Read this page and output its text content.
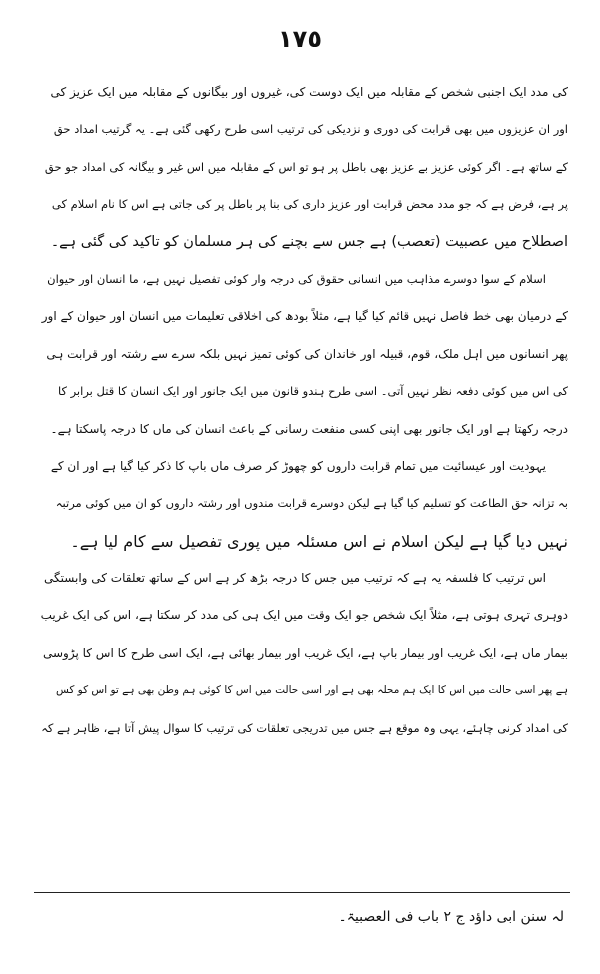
١٧٥
کی مدد ایک اجنبی شخص کے مقابلہ میں ایک دوست کی، غیروں اور بیگانوں کے مقابلہ میں ایک عزیز کی
اور ان عزیزوں میں بھی قرابت کی دوری و نزدیکی کی ترتیب اسی طرح رکھی گئی ہے۔ یہ گرتیب امداد حق
کے ساتھ ہے۔ اگر کوئی عزیز بے عزیز بھی باطل پر ہو تو اس کے مقابلہ میں اس غیر و بیگانہ کی امداد جو حق
پر ہے، فرض ہے کہ جو مدد محض قرابت اور عزیز داری کی بنا پر باطل پر کی جاتی ہے اس کا نام اسلام کی
اصطلاح میں عصبیت (تعصب) ہے جس سے بچنے کی ہر مسلمان کو تاکید کی گئی ہے۔
اسلام کے سوا دوسرے مذاہب میں انسانی حقوق کی درجہ وار کوئی تفصیل نہیں ہے، ما انسان اور حیوان
کے درمیان بھی خط فاصل نہیں قائم کیا گیا ہے، مثلاً بودھ کی اخلاقی تعلیمات میں انسان اور حیوان کے اور
پھر انسانوں میں اہل ملک، قوم، قبیلہ اور خاندان کی کوئی تمیز نہیں بلکہ سرے سے رشتہ اور قرابت ہی
کی اس میں کوئی دفعہ نظر نہیں آتی۔ اسی طرح ہندو قانون میں ایک جانور اور ایک انسان کا قتل برابر کا
درجہ رکھتا ہے اور ایک جانور بھی اپنی کسی منفعت رسانی کے باعث انسان کی ماں کا درجہ پاسکتا ہے۔
یہودیت اور عیسائیت میں تمام قرابت داروں کو چھوڑ کر صرف ماں باپ کا ذکر کیا گیا ہے اور ان کے
بہ تزانہ حق الطاعت کو تسلیم کیا گیا ہے لیکن دوسرے قرابت مندوں اور رشتہ داروں کو ان میں کوئی مرتبہ
نہیں دیا گیا ہے لیکن اسلام نے اس مسئلہ میں پوری تفصیل سے کام لیا ہے۔
اس ترتیب کا فلسفہ یہ ہے کہ ترتیب میں جس کا درجہ بڑھ کر ہے اس کے ساتھ تعلقات کی وابستگی
دوہری تہری ہوتی ہے، مثلاً ایک شخص جو ایک وقت میں ایک ہی کی مدد کر سکتا ہے، اس کی ایک غریب
بیمار ماں ہے، ایک غریب اور بیمار باپ ہے، ایک غریب اور بیمار بھائی ہے، ایک اسی طرح کا اس کا پڑوسی
ہے پھر اسی حالت میں اس کا ایک ہم محلہ بھی ہے اور اسی حالت میں اس کا کوئی ہم وطن بھی ہے تو اس کو کس
کی امداد کرنی چاہئے، یہی وہ موقع ہے جس میں تدریجی تعلقات کی ترتیب کا سوال پیش آتا ہے، ظاہر ہے کہ
لہ سنن ابی داؤد ج ۲ باب فی العصبیۃ۔
